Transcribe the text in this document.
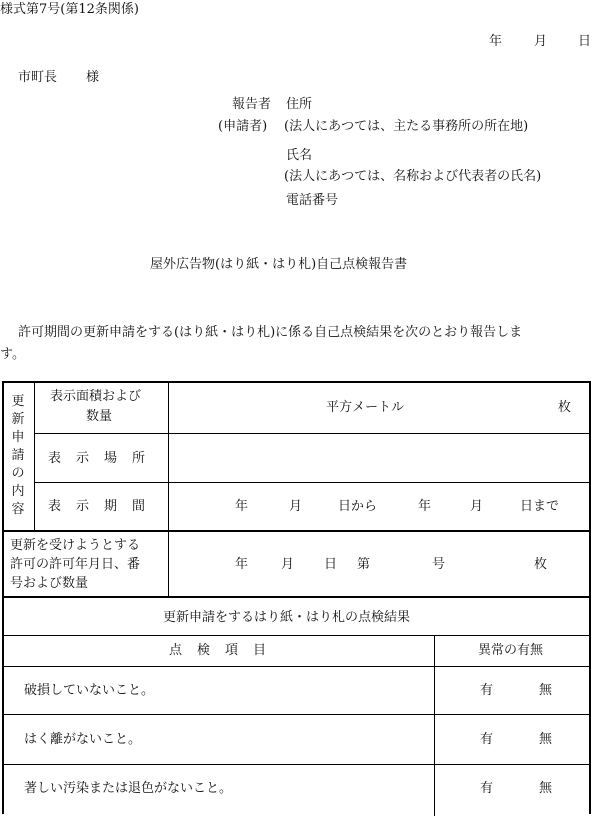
様式第7号(第12条関係)
年 月 日
市町長 様
報告者 住所
(申請者) (法人にあつては、主たる事務所の所在地)
氏名
(法人にあつては、名称および代表者の氏名)
電話番号
屋外広告物(はり紙・はり札)自己点検報告書
許可期間の更新申請をする(はり紙・はり札)に係る自己点検結果を次のとおり報告しま
す。
更
新
申
請
の
内
容
表示面積および
数量
平方メートル	枚
表 示 場 所
表 示 期 間	年	月	日から	年	月	日まで
更新を受けようとする
許可の許可年月日、番
号および数量
年	月 日 第	号	枚
更新申請をするはり紙・はり札の点検結果
点 検 項 目	異常の有無
破損していないこと。	有	無
はく離がないこと。	有	無
著しい汚染または退色がないこと。	有	無
